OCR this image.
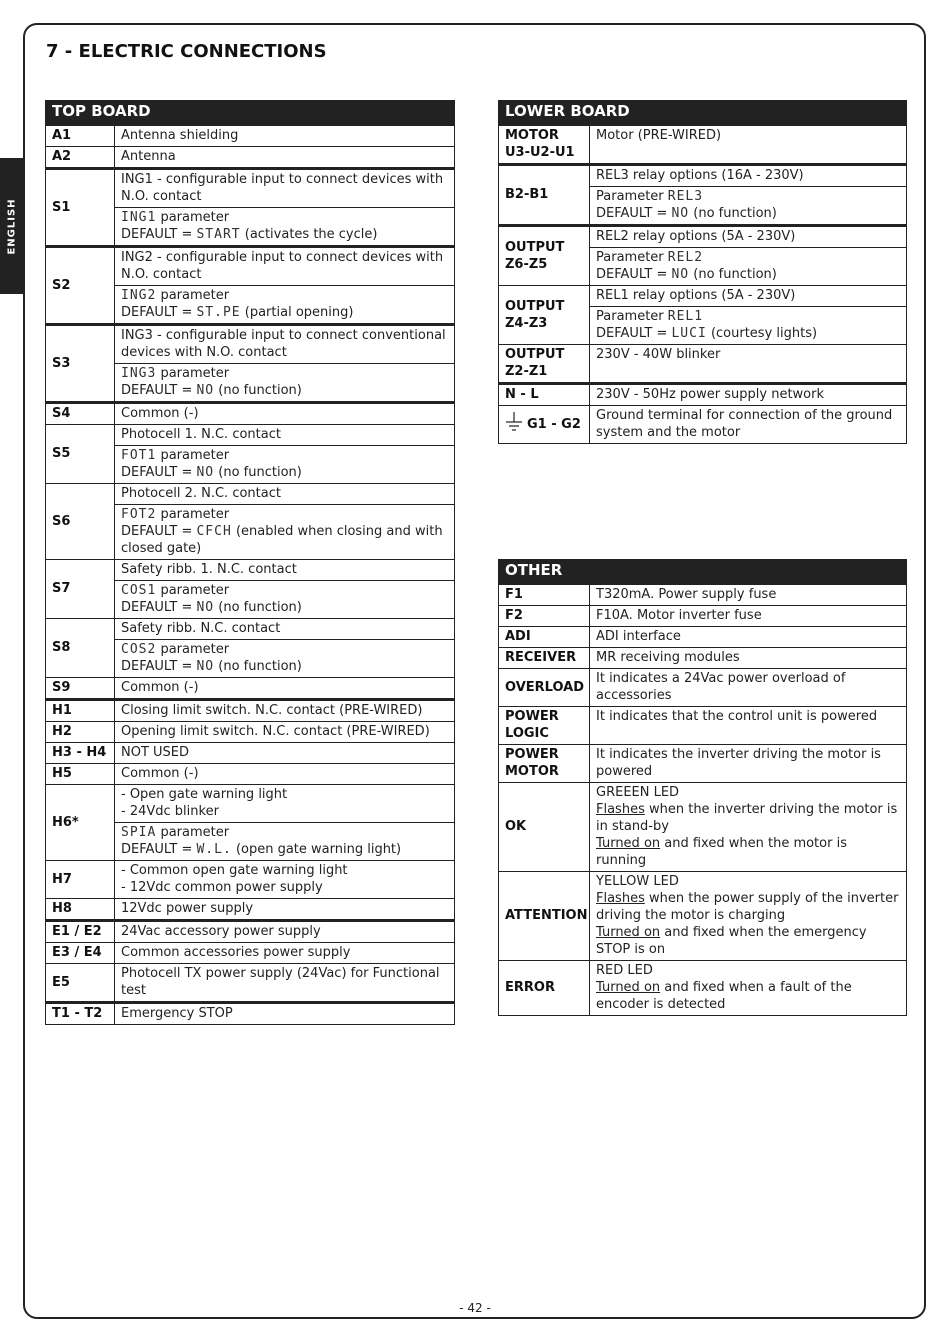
ENGLISH
7 - ELECTRIC CONNECTIONS
TOP BOARD	
A1	Antenna shielding
A2	Antenna
S1	ING1 - configurable input to connect devices with N.O. contact
	ING1 parameter
DEFAULT = START (activates the cycle)
S2	ING2 - configurable input to connect devices with N.O. contact
	ING2 parameter
DEFAULT = ST.PE (partial opening)
S3	ING3 - configurable input to connect conventional devices with N.O. contact
	ING3 parameter
DEFAULT = NO (no function)
S4	Common (-)
S5	Photocell 1. N.C. contact
	FOT1 parameter
DEFAULT = NO (no function)
S6	Photocell 2. N.C. contact
	FOT2 parameter
DEFAULT = CFCH (enabled when closing and with closed gate)
S7	Safety ribb. 1. N.C. contact
	COS1 parameter
DEFAULT = NO (no function)
S8	Safety ribb. N.C. contact
	COS2 parameter
DEFAULT = NO (no function)
S9	Common (-)
H1	Closing limit switch. N.C. contact (PRE-WIRED)
H2	Opening limit switch. N.C. contact (PRE-WIRED)
H3 - H4	NOT USED
H5	Common (-)
H6*	- Open gate warning light
- 24Vdc blinker
	SPIA parameter
DEFAULT = W.L. (open gate warning light)
H7	- Common open gate warning light
- 12Vdc common power supply
H8	12Vdc power supply
E1 / E2	24Vac accessory power supply
E3 / E4	Common accessories power supply
E5	Photocell TX power supply (24Vac) for Functional test
T1 - T2	Emergency STOP
LOWER BOARD	
MOTOR
U3-U2-U1	Motor (PRE-WIRED)
B2-B1	REL3 relay options (16A - 230V)
	Parameter REL3
DEFAULT = NO (no function)
OUTPUT
Z6-Z5	REL2 relay options (5A - 230V)
	Parameter REL2
DEFAULT = NO (no function)
OUTPUT
Z4-Z3	REL1 relay options (5A - 230V)
	Parameter REL1
DEFAULT = LUCI (courtesy lights)
OUTPUT
Z2-Z1	230V - 40W blinker
N - L	230V - 50Hz power supply network
G1 - G2	Ground terminal for connection of the ground system and the motor
OTHER	
F1	T320mA. Power supply fuse
F2	F10A. Motor inverter fuse
ADI	ADI interface
RECEIVER	MR receiving modules
OVERLOAD	It indicates a 24Vac power overload of accessories
POWER
LOGIC	It indicates that the control unit is powered
POWER
MOTOR	It indicates the inverter driving the motor is powered
OK	GREEEN LED
Flashes when the inverter driving the motor is in stand-by
Turned on and fixed when the motor is running
ATTENTION	YELLOW LED
Flashes when the power supply of the inverter driving the motor is charging
Turned on and fixed when the emergency STOP is on
ERROR	RED LED
Turned on and fixed when a fault of the encoder is detected
- 42 -
